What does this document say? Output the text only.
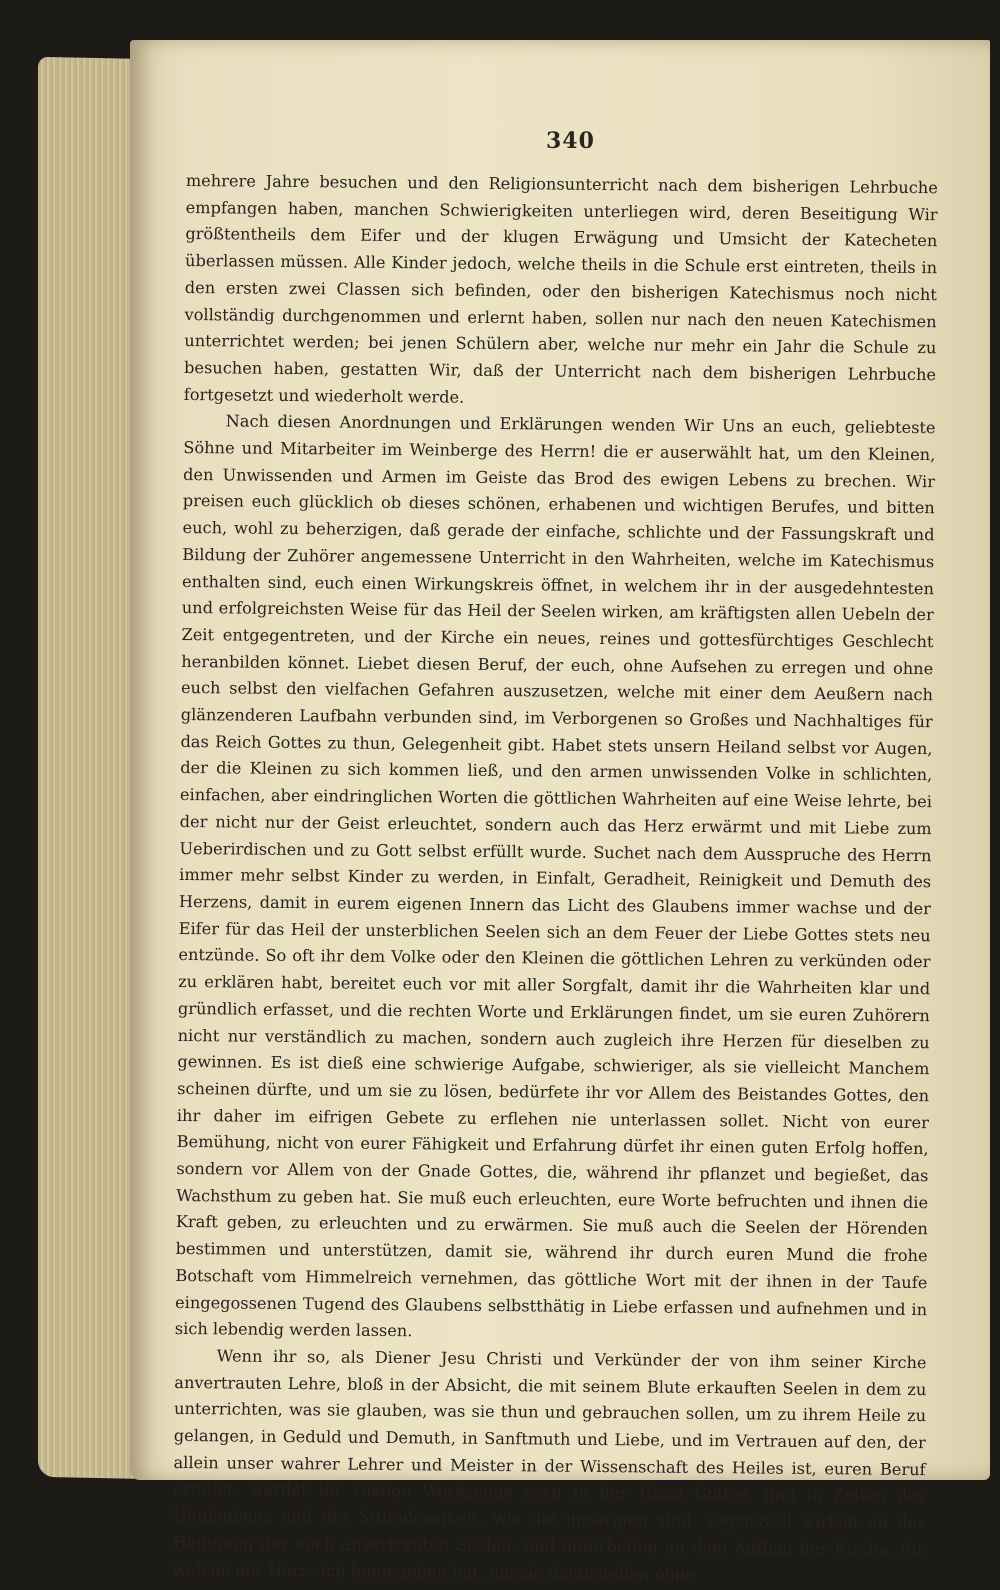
340

mehrere Jahre besuchen und den Religionsunterricht nach dem bisherigen Lehrbuche empfangen haben, manchen Schwierigkeiten unterliegen wird, deren Beseitigung Wir größtentheils dem Eifer und der klugen Erwägung und Umsicht der Katecheten überlassen müssen. Alle Kinder jedoch, welche theils in die Schule erst eintreten, theils in den ersten zwei Classen sich befinden, oder den bisherigen Katechismus noch nicht vollständig durchgenommen und erlernt haben, sollen nur nach den neuen Katechismen unterrichtet werden; bei jenen Schülern aber, welche nur mehr ein Jahr die Schule zu besuchen haben, gestatten Wir, daß der Unterricht nach dem bisherigen Lehrbuche fortgesetzt und wiederholt werde.

Nach diesen Anordnungen und Erklärungen wenden Wir Uns an euch, geliebteste Söhne und Mitarbeiter im Weinberge des Herrn! die er auserwählt hat, um den Kleinen, den Unwissenden und Armen im Geiste das Brod des ewigen Lebens zu brechen. Wir preisen euch glücklich ob dieses schönen, erhabenen und wichtigen Berufes, und bitten euch, wohl zu beherzigen, daß gerade der einfache, schlichte und der Fassungskraft und Bildung der Zuhörer angemessene Unterricht in den Wahrheiten, welche im Katechismus enthalten sind, euch einen Wirkungskreis öffnet, in welchem ihr in der ausgedehntesten und erfolgreichsten Weise für das Heil der Seelen wirken, am kräftigsten allen Uebeln der Zeit entgegentreten, und der Kirche ein neues, reines und gottesfürchtiges Geschlecht heranbilden könnet. Liebet diesen Beruf, der euch, ohne Aufsehen zu erregen und ohne euch selbst den vielfachen Gefahren auszusetzen, welche mit einer dem Aeußern nach glänzenderen Laufbahn verbunden sind, im Verborgenen so Großes und Nachhaltiges für das Reich Gottes zu thun, Gelegenheit gibt. Habet stets unsern Heiland selbst vor Augen, der die Kleinen zu sich kommen ließ, und den armen unwissenden Volke in schlichten, einfachen, aber eindringlichen Worten die göttlichen Wahrheiten auf eine Weise lehrte, bei der nicht nur der Geist erleuchtet, sondern auch das Herz erwärmt und mit Liebe zum Ueberirdischen und zu Gott selbst erfüllt wurde. Suchet nach dem Ausspruche des Herrn immer mehr selbst Kinder zu werden, in Einfalt, Geradheit, Reinigkeit und Demuth des Herzens, damit in eurem eigenen Innern das Licht des Glaubens immer wachse und der Eifer für das Heil der unsterblichen Seelen sich an dem Feuer der Liebe Gottes stets neu entzünde. So oft ihr dem Volke oder den Kleinen die göttlichen Lehren zu verkünden oder zu erklären habt, bereitet euch vor mit aller Sorgfalt, damit ihr die Wahrheiten klar und gründlich erfasset, und die rechten Worte und Erklärungen findet, um sie euren Zuhörern nicht nur verständlich zu machen, sondern auch zugleich ihre Herzen für dieselben zu gewinnen. Es ist dieß eine schwierige Aufgabe, schwieriger, als sie vielleicht Manchem scheinen dürfte, und um sie zu lösen, bedürfete ihr vor Allem des Beistandes Gottes, den ihr daher im eifrigen Gebete zu erflehen nie unterlassen sollet. Nicht von eurer Bemühung, nicht von eurer Fähigkeit und Erfahrung dürfet ihr einen guten Erfolg hoffen, sondern vor Allem von der Gnade Gottes, die, während ihr pflanzet und begießet, das Wachsthum zu geben hat. Sie muß euch erleuchten, eure Worte befruchten und ihnen die Kraft geben, zu erleuchten und zu erwärmen. Sie muß auch die Seelen der Hörenden bestimmen und unterstützen, damit sie, während ihr durch euren Mund die frohe Botschaft vom Himmelreich vernehmen, das göttliche Wort mit der ihnen in der Taufe eingegossenen Tugend des Glaubens selbstthätig in Liebe erfassen und aufnehmen und in sich lebendig werden lassen.

Wenn ihr so, als Diener Jesu Christi und Verkünder der von ihm seiner Kirche anvertrauten Lehre, bloß in der Absicht, die mit seinem Blute erkauften Seelen in dem zu unterrichten, was sie glauben, was sie thun und gebrauchen sollen, um zu ihrem Heile zu gelangen, in Geduld und Demuth, in Sanftmuth und Liebe, und im Vertrauen auf den, der allein unser wahrer Lehrer und Meister in der Wissenschaft des Heiles ist, euren Beruf erfüllet, werdet ihr rüstige Werkzeuge seyn in der Hand Gottes, und in Zeiten des Unglaubens und der Sittenlosigkeit, wie die unserigen sind, segensvoll wirken an der Heiligung der euch anvertrauten Seelen, und mitarbeiten an dem Aufbau der Kirche, für welche der Herr sich hingegeben hat, um sie darzustellen ohne
